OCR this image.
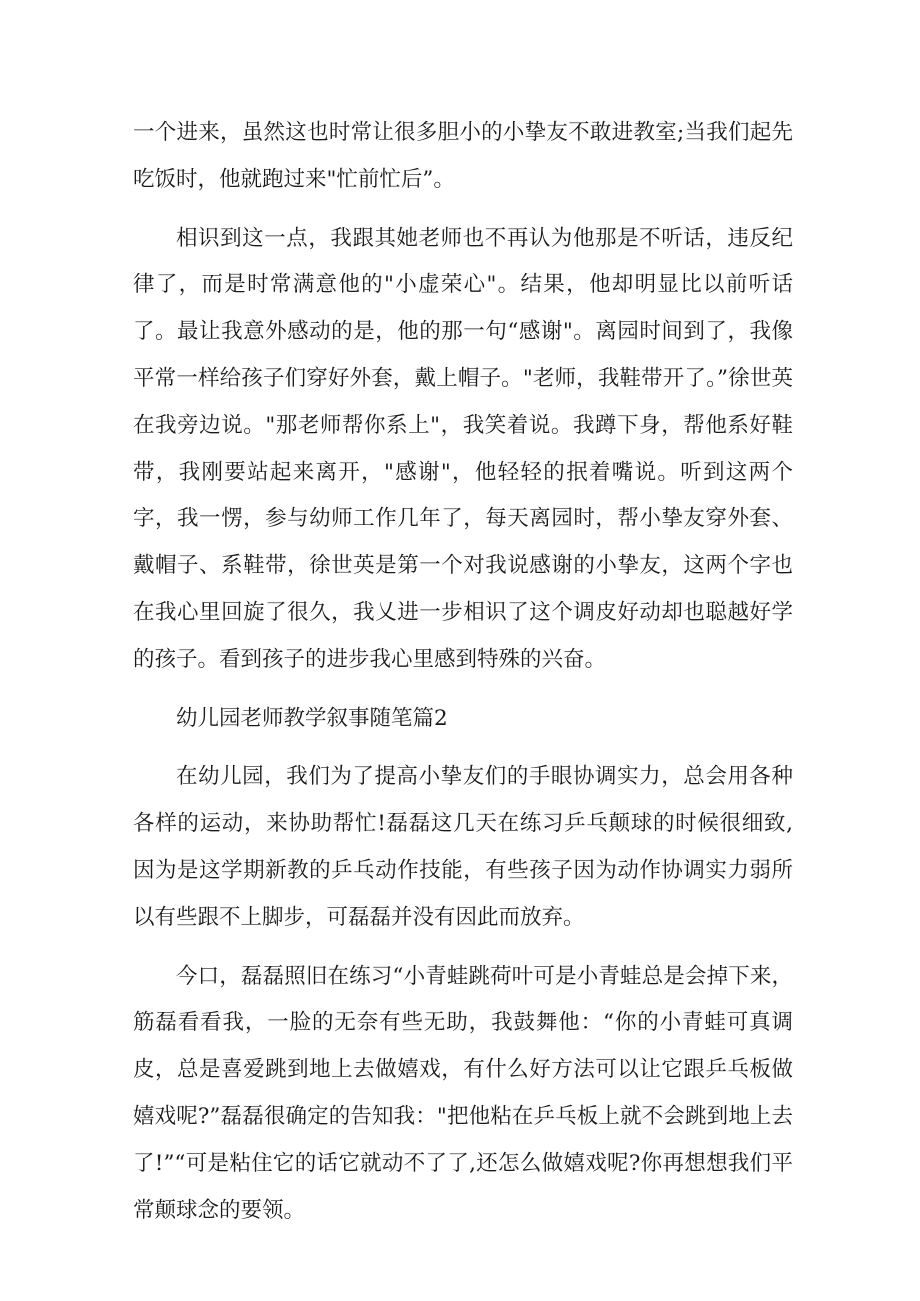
一个进来，虽然这也时常让很多胆小的小挚友不敢进教室;当我们起先吃饭时，他就跑过来"忙前忙后”。

相识到这一点，我跟其她老师也不再认为他那是不听话，违反纪律了，而是时常满意他的"小虚荣心"。结果，他却明显比以前听话了。最让我意外感动的是，他的那一句“感谢"。离园时间到了，我像平常一样给孩子们穿好外套，戴上帽子。"老师，我鞋带开了。”徐世英在我旁边说。"那老师帮你系上"，我笑着说。我蹲下身，帮他系好鞋带，我刚要站起来离开，"感谢"，他轻轻的抿着嘴说。听到这两个字，我一愣，参与幼师工作几年了，每天离园时，帮小挚友穿外套、戴帽子、系鞋带，徐世英是第一个对我说感谢的小挚友，这两个字也在我心里回旋了很久，我乂进一步相识了这个调皮好动却也聪越好学的孩子。看到孩子的进步我心里感到特殊的兴奋。

幼儿园老师教学叙事随笔篇2

在幼儿园，我们为了提高小挚友们的手眼协调实力，总会用各种各样的运动，来协助帮忙!磊磊这几天在练习乒乓颠球的时候很细致,因为是这学期新教的乒乓动作技能，有些孩子因为动作协调实力弱所以有些跟不上脚步，可磊磊并没有因此而放弃。

今口，磊磊照旧在练习“小青蛙跳荷叶可是小青蛙总是会掉下来，筋磊看看我，一脸的无奈有些无助，我鼓舞他：“你的小青蛙可真调皮，总是喜爱跳到地上去做嬉戏，有什么好方法可以让它跟乒乓板做嬉戏呢?”磊磊很确定的告知我："把他粘在乒乓板上就不会跳到地上去了!”“可是粘住它的话它就动不了了,还怎么做嬉戏呢?你再想想我们平常颠球念的要领。
